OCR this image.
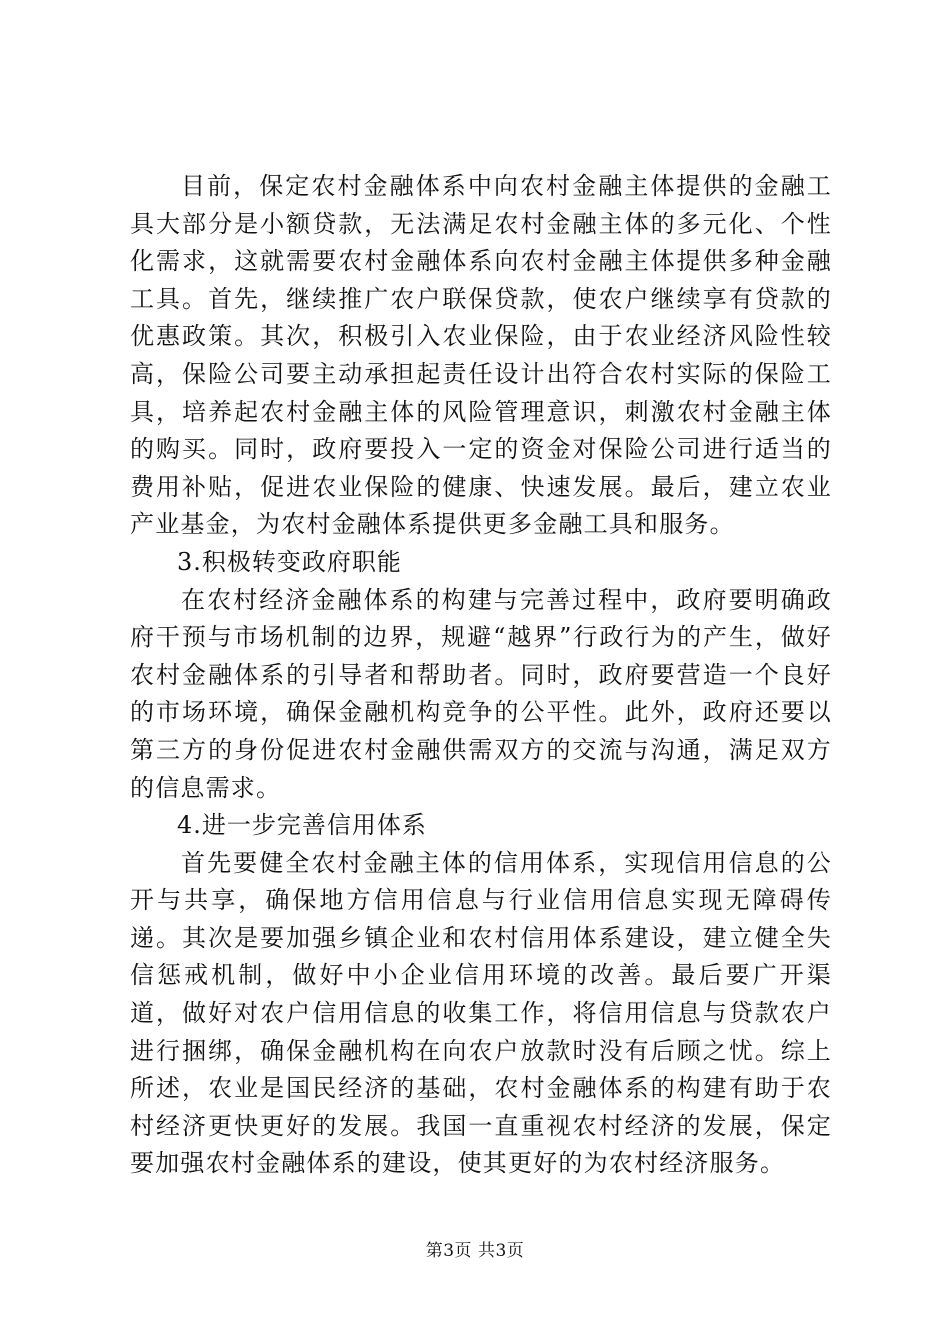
目前，保定农村金融体系中向农村金融主体提供的金融工具大部分是小额贷款，无法满足农村金融主体的多元化、个性化需求，这就需要农村金融体系向农村金融主体提供多种金融工具。首先，继续推广农户联保贷款，使农户继续享有贷款的优惠政策。其次，积极引入农业保险，由于农业经济风险性较高，保险公司要主动承担起责任设计出符合农村实际的保险工具，培养起农村金融主体的风险管理意识，刺激农村金融主体的购买。同时，政府要投入一定的资金对保险公司进行适当的费用补贴，促进农业保险的健康、快速发展。最后，建立农业产业基金，为农村金融体系提供更多金融工具和服务。

3.积极转变政府职能

在农村经济金融体系的构建与完善过程中，政府要明确政府干预与市场机制的边界，规避“越界”行政行为的产生，做好农村金融体系的引导者和帮助者。同时，政府要营造一个良好的市场环境，确保金融机构竞争的公平性。此外，政府还要以第三方的身份促进农村金融供需双方的交流与沟通，满足双方的信息需求。

4.进一步完善信用体系

首先要健全农村金融主体的信用体系，实现信用信息的公开与共享，确保地方信用信息与行业信用信息实现无障碍传递。其次是要加强乡镇企业和农村信用体系建设，建立健全失信惩戒机制，做好中小企业信用环境的改善。最后要广开渠道，做好对农户信用信息的收集工作，将信用信息与贷款农户进行捆绑，确保金融机构在向农户放款时没有后顾之忧。综上所述，农业是国民经济的基础，农村金融体系的构建有助于农村经济更快更好的发展。我国一直重视农村经济的发展，保定要加强农村金融体系的建设，使其更好的为农村经济服务。

第3页 共3页
